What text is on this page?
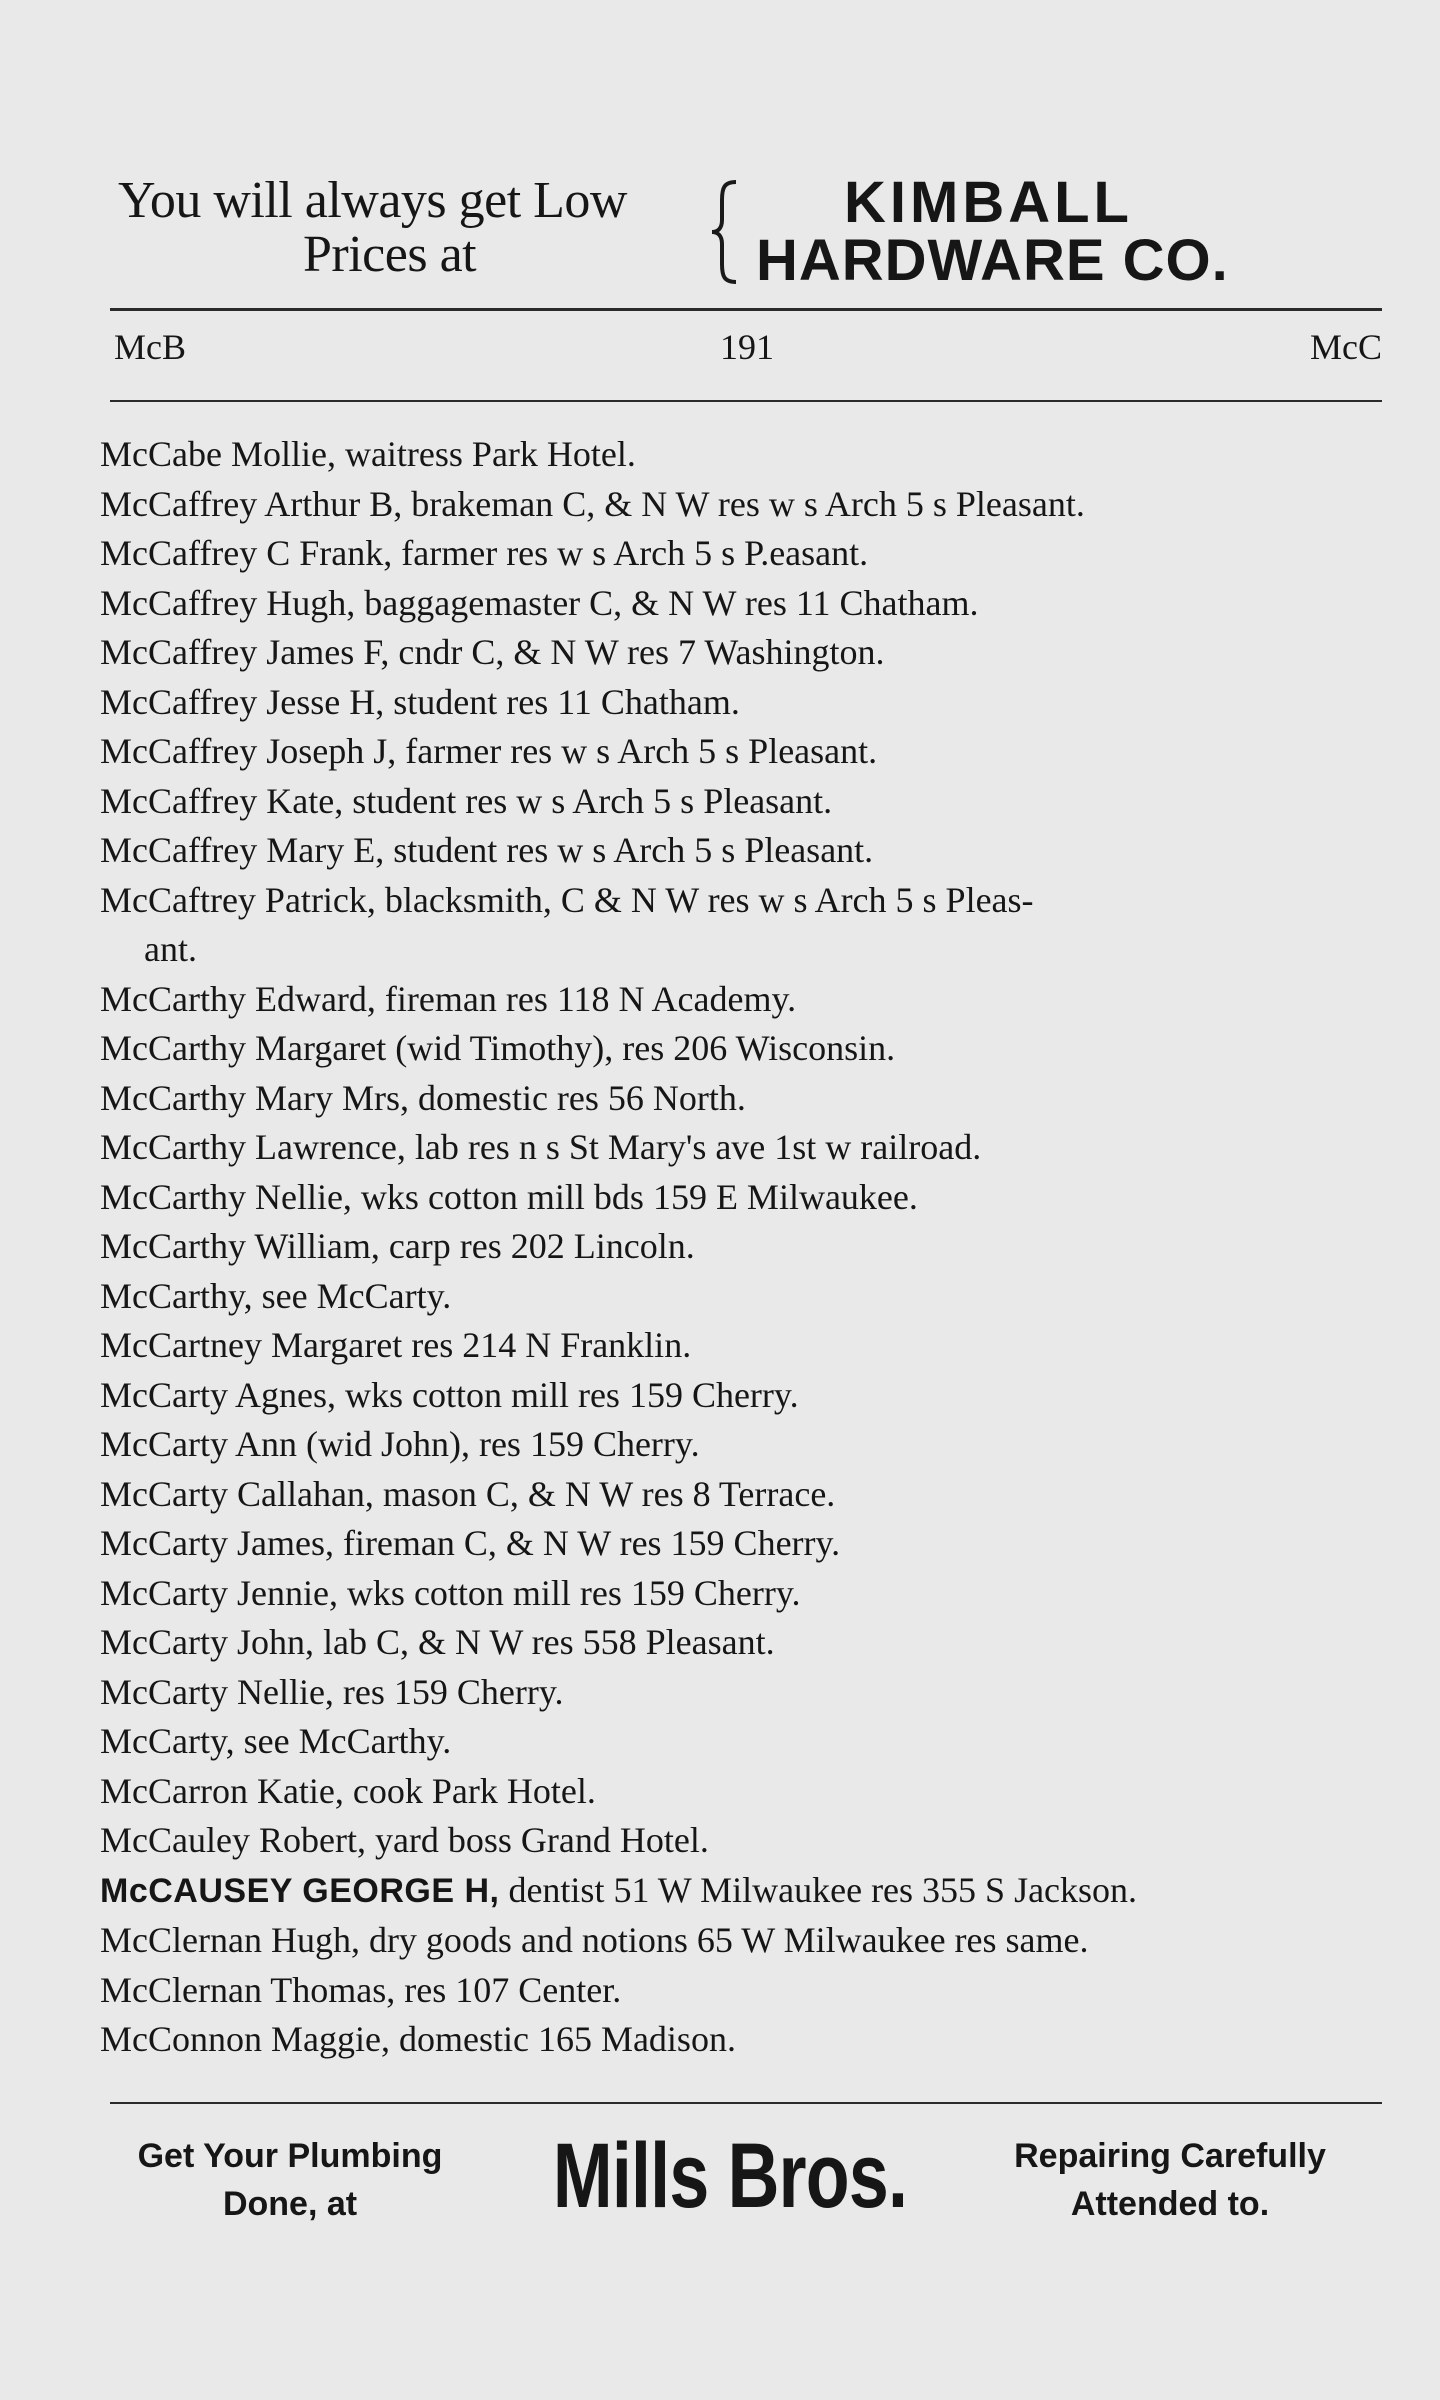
You will always get Low
Prices at
KIMBALL
HARDWARE CO.
McB	191	McC
McCabe Mollie, waitress Park Hotel.
McCaffrey Arthur B, brakeman C, & N W res w s Arch 5 s Pleasant.
McCaffrey C Frank, farmer res w s Arch 5 s P.easant.
McCaffrey Hugh, baggagemaster C, & N W res 11 Chatham.
McCaffrey James F, cndr C, & N W res 7 Washington.
McCaffrey Jesse H, student res 11 Chatham.
McCaffrey Joseph J, farmer res w s Arch 5 s Pleasant.
McCaffrey Kate, student res w s Arch 5 s Pleasant.
McCaffrey Mary E, student res w s Arch 5 s Pleasant.
McCaftrey Patrick, blacksmith, C & N W res w s Arch 5 s Pleas-
ant.
McCarthy Edward, fireman res 118 N Academy.
McCarthy Margaret (wid Timothy), res 206 Wisconsin.
McCarthy Mary Mrs, domestic res 56 North.
McCarthy Lawrence, lab res n s St Mary's ave 1st w railroad.
McCarthy Nellie, wks cotton mill bds 159 E Milwaukee.
McCarthy William, carp res 202 Lincoln.
McCarthy, see McCarty.
McCartney Margaret res 214 N Franklin.
McCarty Agnes, wks cotton mill res 159 Cherry.
McCarty Ann (wid John), res 159 Cherry.
McCarty Callahan, mason C, & N W res 8 Terrace.
McCarty James, fireman C, & N W res 159 Cherry.
McCarty Jennie, wks cotton mill res 159 Cherry.
McCarty John, lab C, & N W res 558 Pleasant.
McCarty Nellie, res 159 Cherry.
McCarty, see McCarthy.
McCarron Katie, cook Park Hotel.
McCauley Robert, yard boss Grand Hotel.
McCAUSEY GEORGE H, dentist 51 W Milwaukee res 355 S Jackson.
McClernan Hugh, dry goods and notions 65 W Milwaukee res same.
McClernan Thomas, res 107 Center.
McConnon Maggie, domestic 165 Madison.
Get Your Plumbing
Done, at	Mills Bros.	Repairing Carefully
Attended to.
